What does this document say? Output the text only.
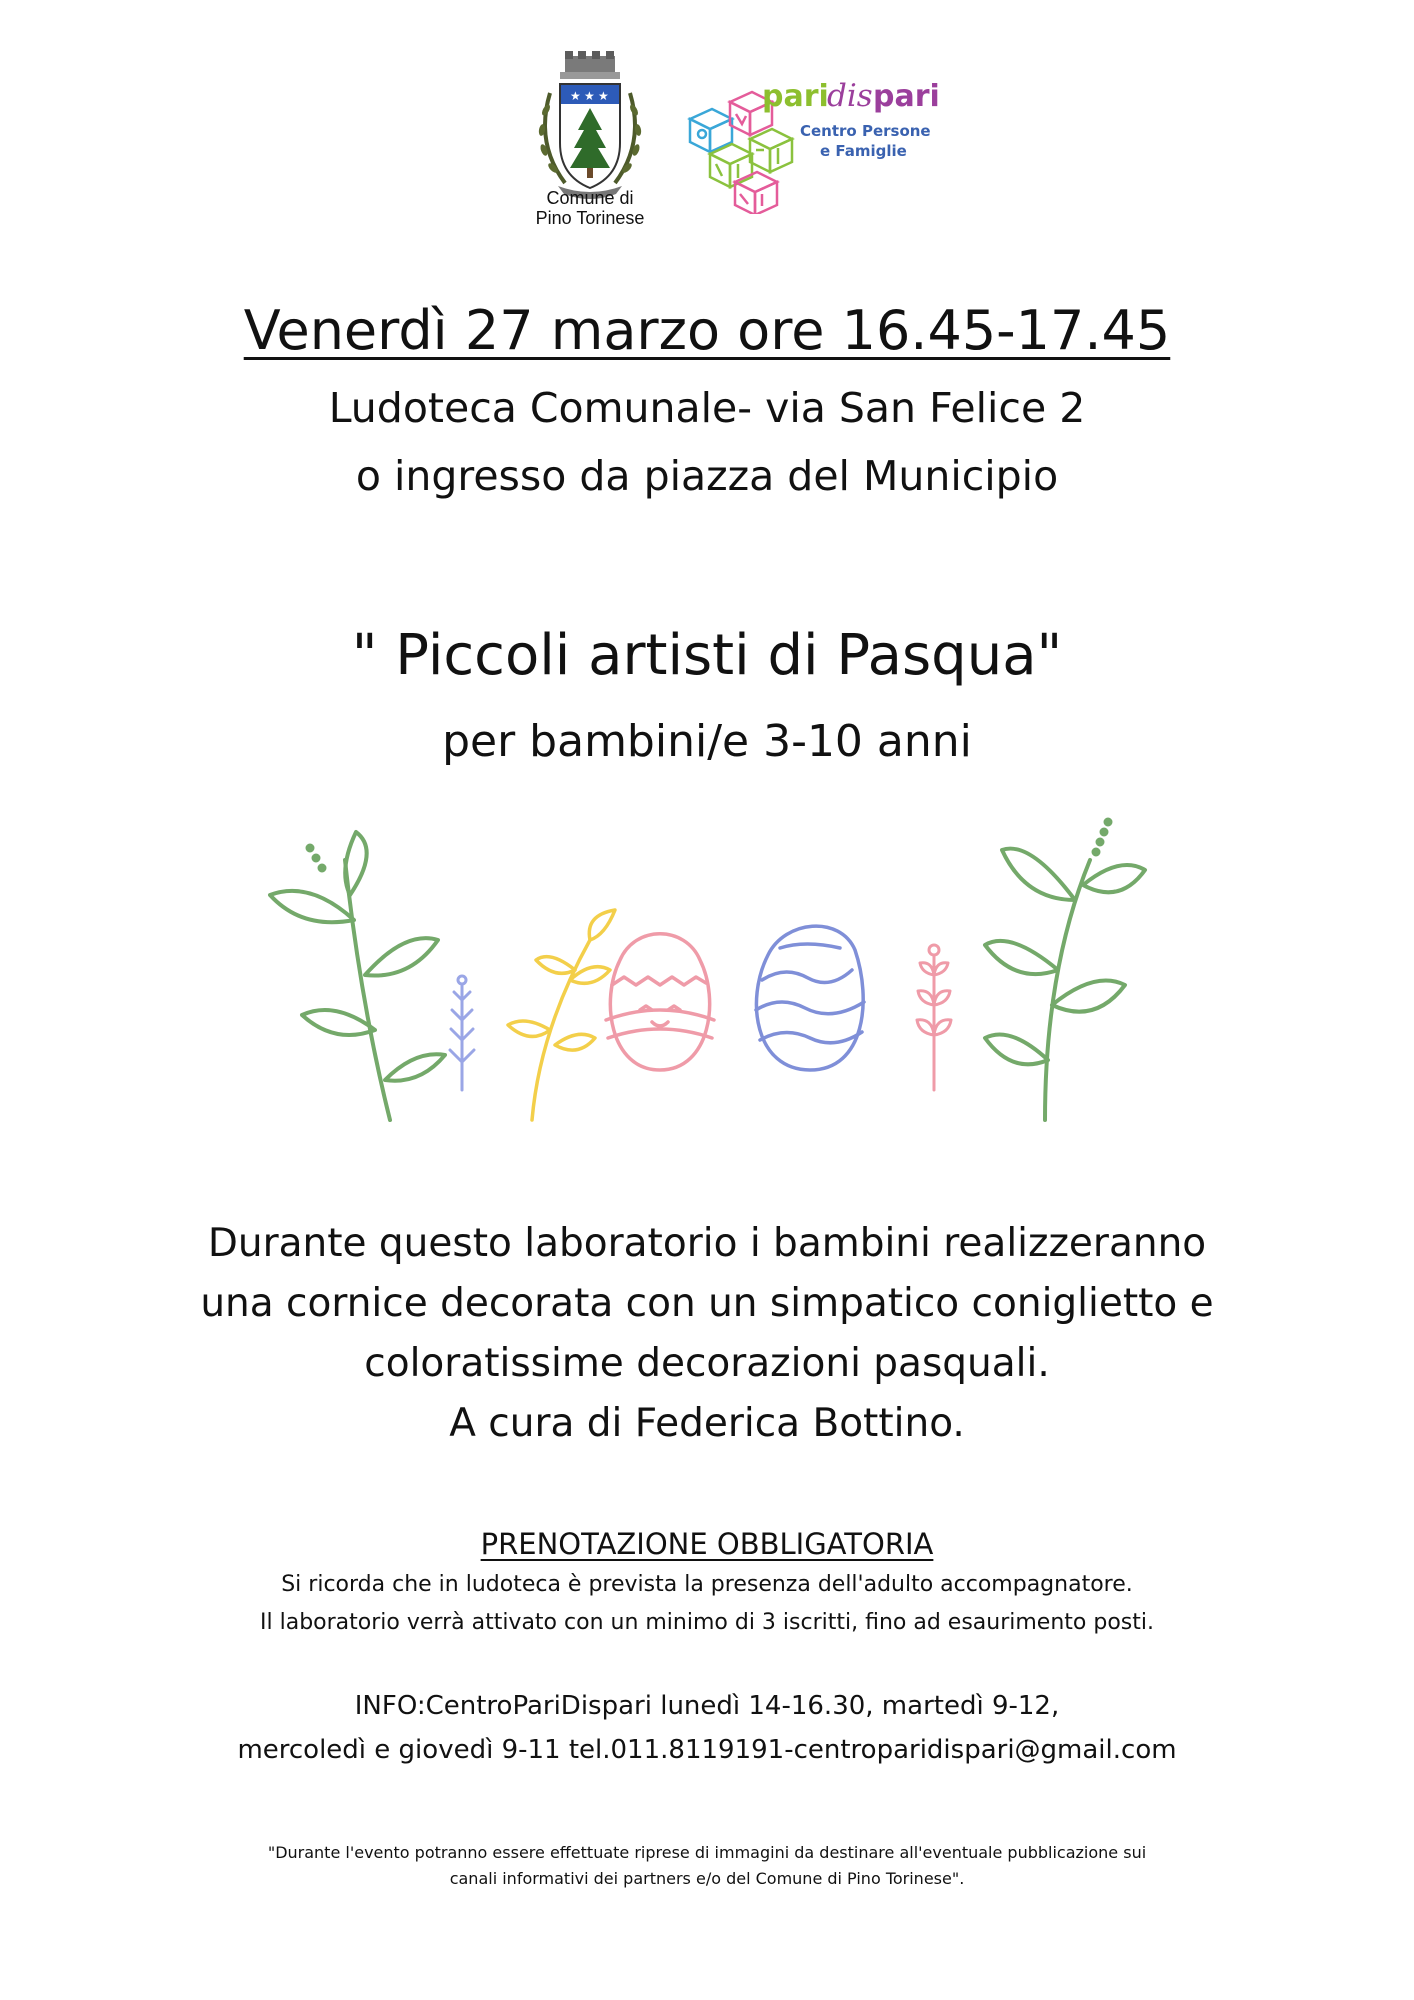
★ ★ ★
Comune di
Pino Torinese
pari
dis pari
Centro Persone
e Famiglie
Venerdì 27 marzo ore 16.45-17.45
Ludoteca Comunale- via San Felice 2
o ingresso da piazza del Municipio
" Piccoli artisti di Pasqua"
per bambini/e 3-10 anni
Durante questo laboratorio i bambini realizzeranno
una cornice decorata con un simpatico coniglietto e
coloratissime decorazioni pasquali.
A cura di Federica Bottino.
PRENOTAZIONE OBBLIGATORIA
Si ricorda che in ludoteca è prevista la presenza dell'adulto accompagnatore.
Il laboratorio verrà attivato con un minimo di 3 iscritti, fino ad esaurimento posti.
INFO:CentroPariDispari lunedì 14-16.30, martedì 9-12,
mercoledì e giovedì 9-11 tel.011.8119191-centroparidispari@gmail.com
"Durante l'evento potranno essere effettuate riprese di immagini da destinare all'eventuale pubblicazione sui
canali informativi dei partners e/o del Comune di Pino Torinese".
